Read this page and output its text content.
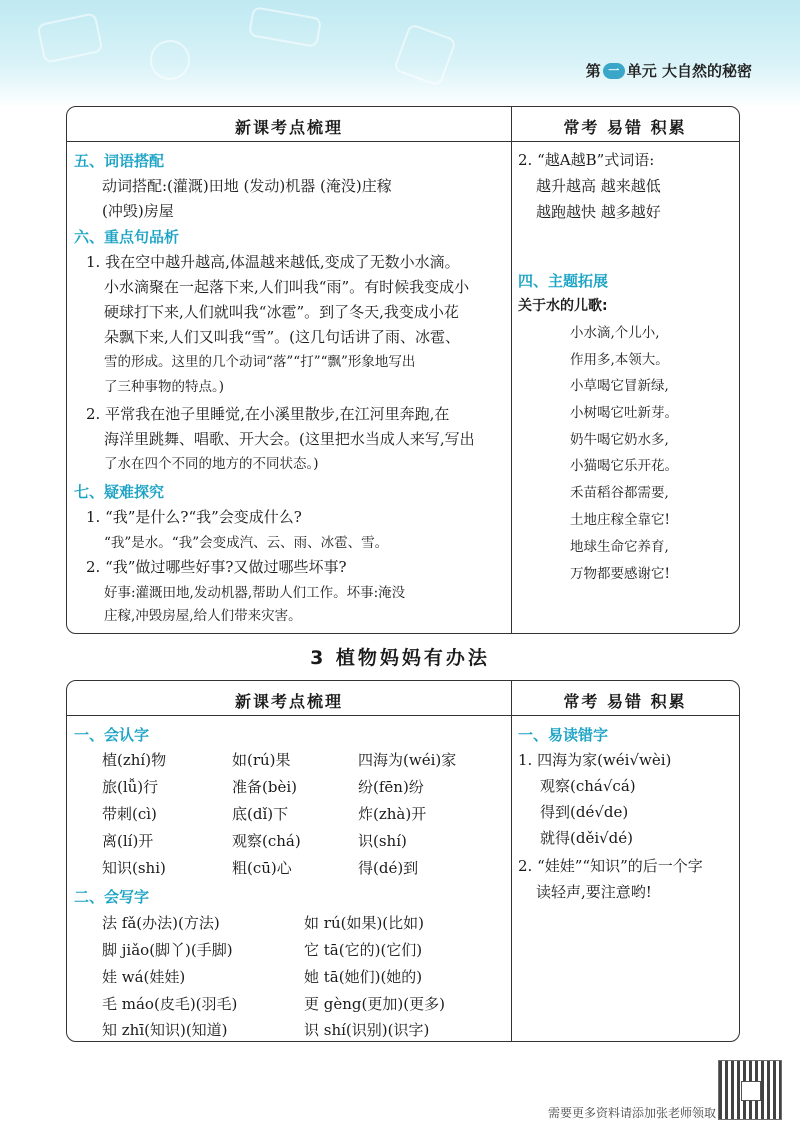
第 一 单元 大自然的秘密
新课考点梳理	常考 易错 积累
五、词语搭配
动词搭配:(灌溉)田地 (发动)机器 (淹没)庄稼
(冲毁)房屋
六、重点句品析
1. 我在空中越升越高,体温越来越低,变成了无数小水滴。
小水滴聚在一起落下来,人们叫我“雨”。有时候我变成小
硬球打下来,人们就叫我“冰雹”。到了冬天,我变成小花
朵飘下来,人们又叫我“雪”。(这几句话讲了雨、冰雹、
雪的形成。这里的几个动词“落”“打”“飘”形象地写出
了三种事物的特点。)
2. 平常我在池子里睡觉,在小溪里散步,在江河里奔跑,在
海洋里跳舞、唱歌、开大会。(这里把水当成人来写,写出
了水在四个不同的地方的不同状态。)
七、疑难探究
1. “我”是什么?“我”会变成什么?
“我”是水。“我”会变成汽、云、雨、冰雹、雪。
2. “我”做过哪些好事?又做过哪些坏事?
好事:灌溉田地,发动机器,帮助人们工作。坏事:淹没
庄稼,冲毁房屋,给人们带来灾害。
2. “越A越B”式词语:
越升越高 越来越低
越跑越快 越多越好
四、主题拓展
关于水的儿歌:
小水滴,个儿小,
作用多,本领大。
小草喝它冒新绿,
小树喝它吐新芽。
奶牛喝它奶水多,
小猫喝它乐开花。
禾苗稻谷都需要,
土地庄稼全靠它!
地球生命它养育,
万物都要感谢它!
3 植物妈妈有办法
新课考点梳理	常考 易错 积累
一、会认字
植(zhí)物	如(rú)果	四海为(wéi)家
旅(lǚ)行	准备(bèi)	纷(fēn)纷
带刺(cì)	底(dǐ)下	炸(zhà)开
离(lí)开	观察(chá)	识(shí)
知识(shi)	粗(cū)心	得(dé)到
二、会写字
法 fǎ(办法)(方法)	如 rú(如果)(比如)
脚 jiǎo(脚丫)(手脚)	它 tā(它的)(它们)
娃 wá(娃娃)	她 tā(她们)(她的)
毛 máo(皮毛)(羽毛)	更 gèng(更加)(更多)
知 zhī(知识)(知道)	识 shí(识别)(识字)
一、易读错字
1. 四海为家(wéi√wèi)
观察(chá√cá)
得到(dé√de)
就得(děi√dé)
2. “娃娃”“知识”的后一个字
读轻声,要注意哟!
需要更多资料请添加张老师领取
